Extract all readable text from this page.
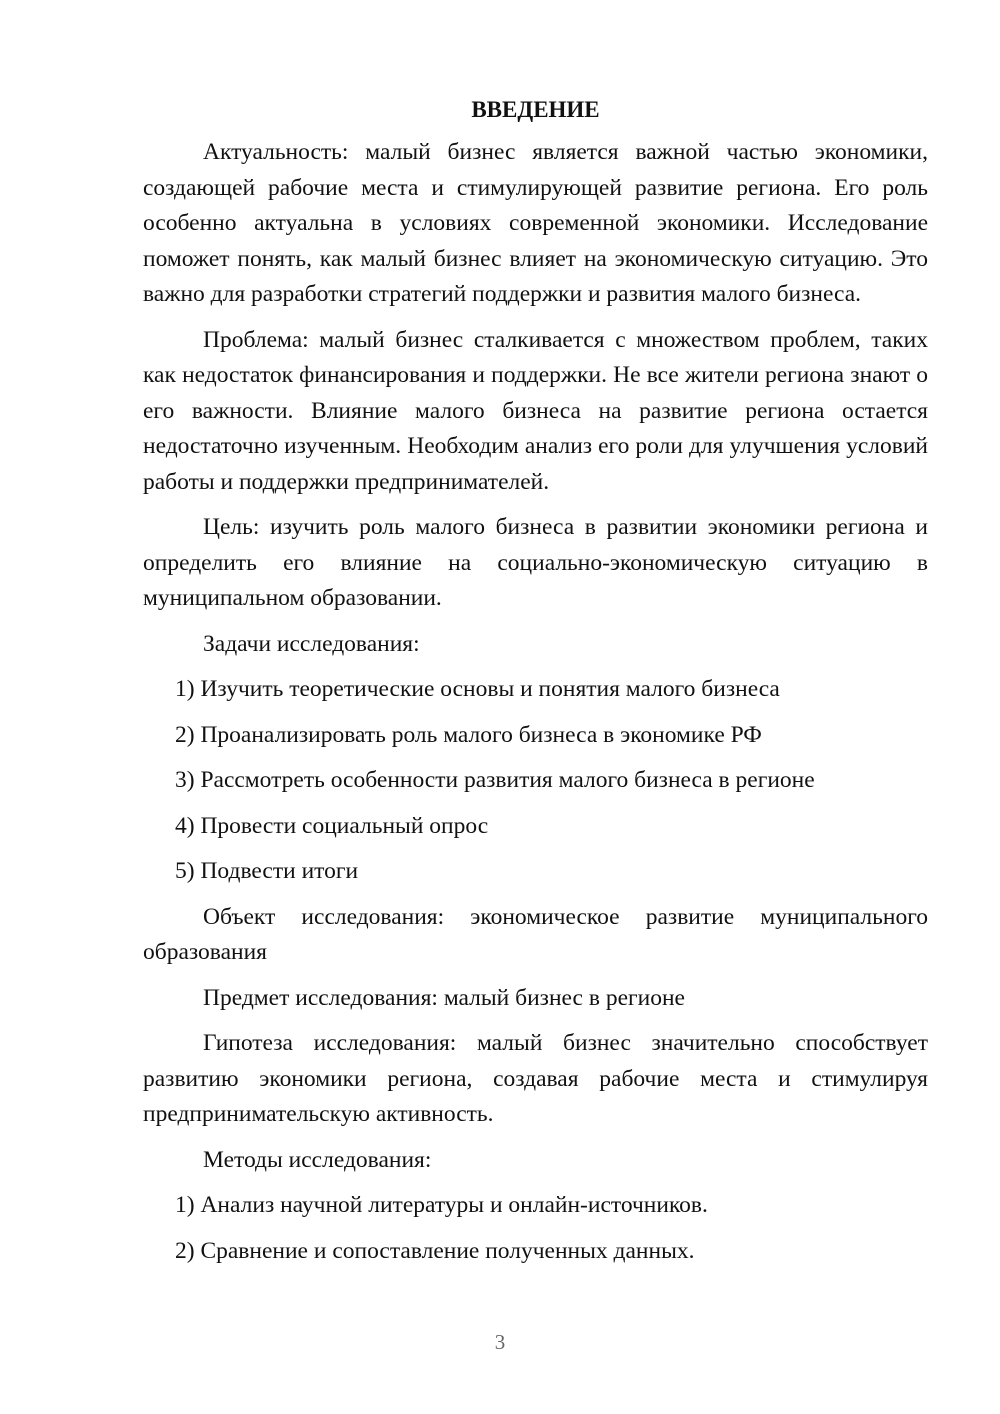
ВВЕДЕНИЕ

Актуальность: малый бизнес является важной частью экономики, создающей рабочие места и стимулирующей развитие региона. Его роль особенно актуальна в условиях современной экономики. Исследование поможет понять, как малый бизнес влияет на экономическую ситуацию. Это важно для разработки стратегий поддержки и развития малого бизнеса.

Проблема: малый бизнес сталкивается с множеством проблем, таких как недостаток финансирования и поддержки. Не все жители региона знают о его важности. Влияние малого бизнеса на развитие региона остается недостаточно изученным. Необходим анализ его роли для улучшения условий работы и поддержки предпринимателей.

Цель: изучить роль малого бизнеса в развитии экономики региона и определить его влияние на социально-экономическую ситуацию в муниципальном образовании.

Задачи исследования:

1) Изучить теоретические основы и понятия малого бизнеса

2) Проанализировать роль малого бизнеса в экономике РФ

3) Рассмотреть особенности развития малого бизнеса в регионе

4) Провести социальный опрос

5) Подвести итоги

Объект исследования: экономическое развитие муниципального образования

Предмет исследования: малый бизнес в регионе

Гипотеза исследования: малый бизнес значительно способствует развитию экономики региона, создавая рабочие места и стимулируя предпринимательскую активность.

Методы исследования:

1) Анализ научной литературы и онлайн-источников.

2) Сравнение и сопоставление полученных данных.

3
